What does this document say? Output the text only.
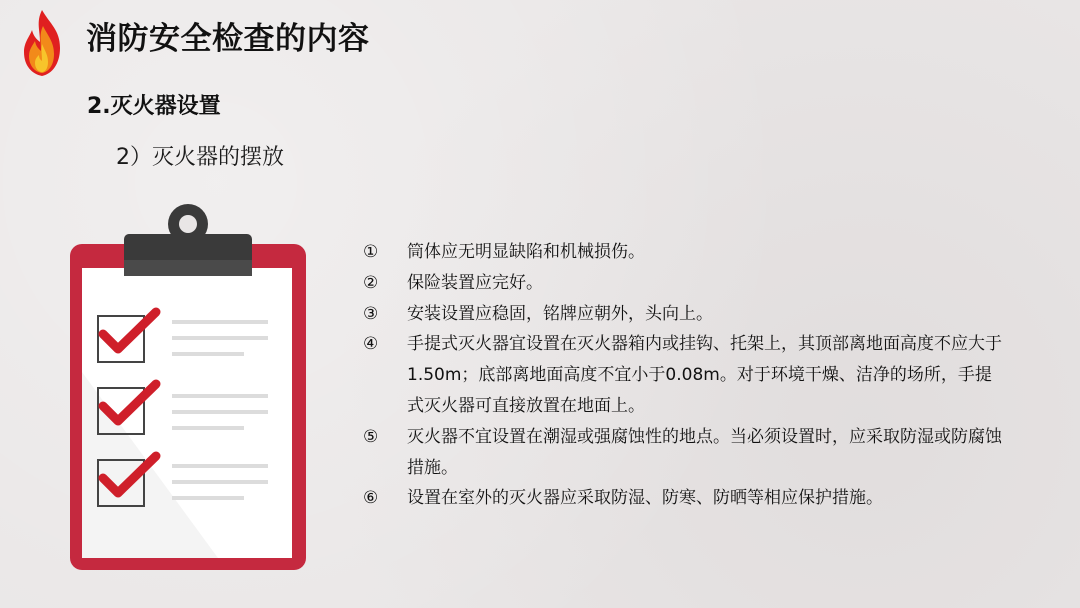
消防安全检查的内容
2.灭火器设置
2）灭火器的摆放
①	筒体应无明显缺陷和机械损伤。
②	保险装置应完好。
③	安装设置应稳固，铭牌应朝外，头向上。
④	手提式灭火器宜设置在灭火器箱内或挂钩、托架上，其顶部离地面高度不应大于1.50m；底部离地面高度不宜小于0.08m。对于环境干燥、洁净的场所，手提式灭火器可直接放置在地面上。
⑤	灭火器不宜设置在潮湿或强腐蚀性的地点。当必须设置时，应采取防湿或防腐蚀措施。
⑥	设置在室外的灭火器应采取防湿、防寒、防晒等相应保护措施。
